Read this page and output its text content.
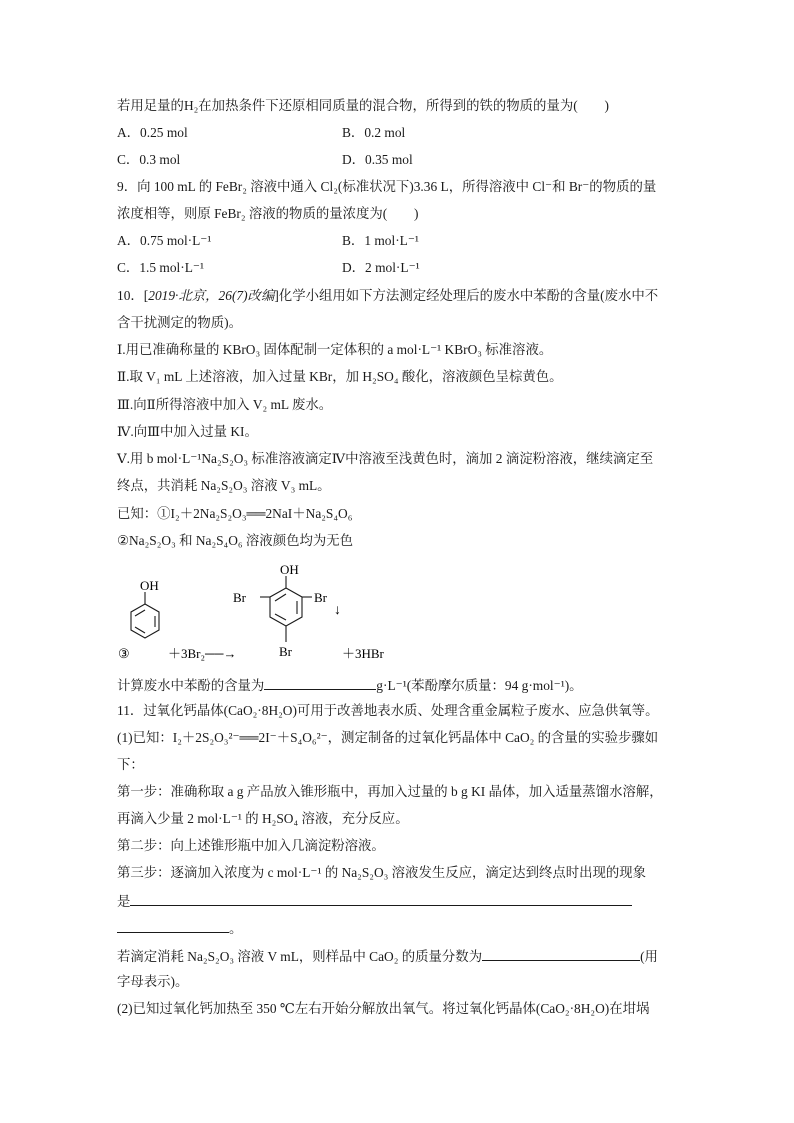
若用足量的H₂在加热条件下还原相同质量的混合物，所得到的铁的物质的量为(　　)
A．0.25 mol	B．0.2 mol
C．0.3 mol	D．0.35 mol
9．向 100 mL 的 FeBr₂ 溶液中通入 Cl₂(标准状况下)3.36 L，所得溶液中 Cl⁻和 Br⁻的物质的量
浓度相等，则原 FeBr₂ 溶液的物质的量浓度为(　　)
A．0.75 mol·L⁻¹	B．1 mol·L⁻¹
C．1.5 mol·L⁻¹	D．2 mol·L⁻¹
10．[2019·北京，26(7)改编]化学小组用如下方法测定经处理后的废水中苯酚的含量(废水中不
含干扰测定的物质)。
Ⅰ.用已准确称量的 KBrO₃ 固体配制一定体积的 a mol·L⁻¹ KBrO₃ 标准溶液。
Ⅱ.取 V₁ mL 上述溶液，加入过量 KBr，加 H₂SO₄ 酸化，溶液颜色呈棕黄色。
Ⅲ.向Ⅱ所得溶液中加入 V₂ mL 废水。
Ⅳ.向Ⅲ中加入过量 KI。
Ⅴ.用 b mol·L⁻¹Na₂S₂O₃ 标准溶液滴定Ⅳ中溶液至浅黄色时，滴加 2 滴淀粉溶液，继续滴定至
终点，共消耗 Na₂S₂O₃ 溶液 V₃ mL。
已知：①I₂＋2Na₂S₂O₃══2NaI＋Na₂S₄O₆
②Na₂S₂O₃ 和 Na₂S₄O₆ 溶液颜色均为无色
③
OH
＋3Br₂──→
OH
Br	Br
Br
↓
＋3HBr
计算废水中苯酚的含量为	g·L⁻¹(苯酚摩尔质量：94 g·mol⁻¹)。
11．过氧化钙晶体(CaO₂·8H₂O)可用于改善地表水质、处理含重金属粒子废水、应急供氧等。
(1)已知：I₂＋2S₂O₃²⁻══2I⁻＋S₄O₆²⁻，测定制备的过氧化钙晶体中 CaO₂ 的含量的实验步骤如
下：
第一步：准确称取 a g 产品放入锥形瓶中，再加入过量的 b g KI 晶体，加入适量蒸馏水溶解，
再滴入少量 2 mol·L⁻¹ 的 H₂SO₄ 溶液，充分反应。
第二步：向上述锥形瓶中加入几滴淀粉溶液。
第三步：逐滴加入浓度为 c mol·L⁻¹ 的 Na₂S₂O₃ 溶液发生反应，滴定达到终点时出现的现象
是
。
若滴定消耗 Na₂S₂O₃ 溶液 V mL，则样品中 CaO₂ 的质量分数为	(用
字母表示)。
(2)已知过氧化钙加热至 350 ℃左右开始分解放出氧气。将过氧化钙晶体(CaO₂·8H₂O)在坩埚
